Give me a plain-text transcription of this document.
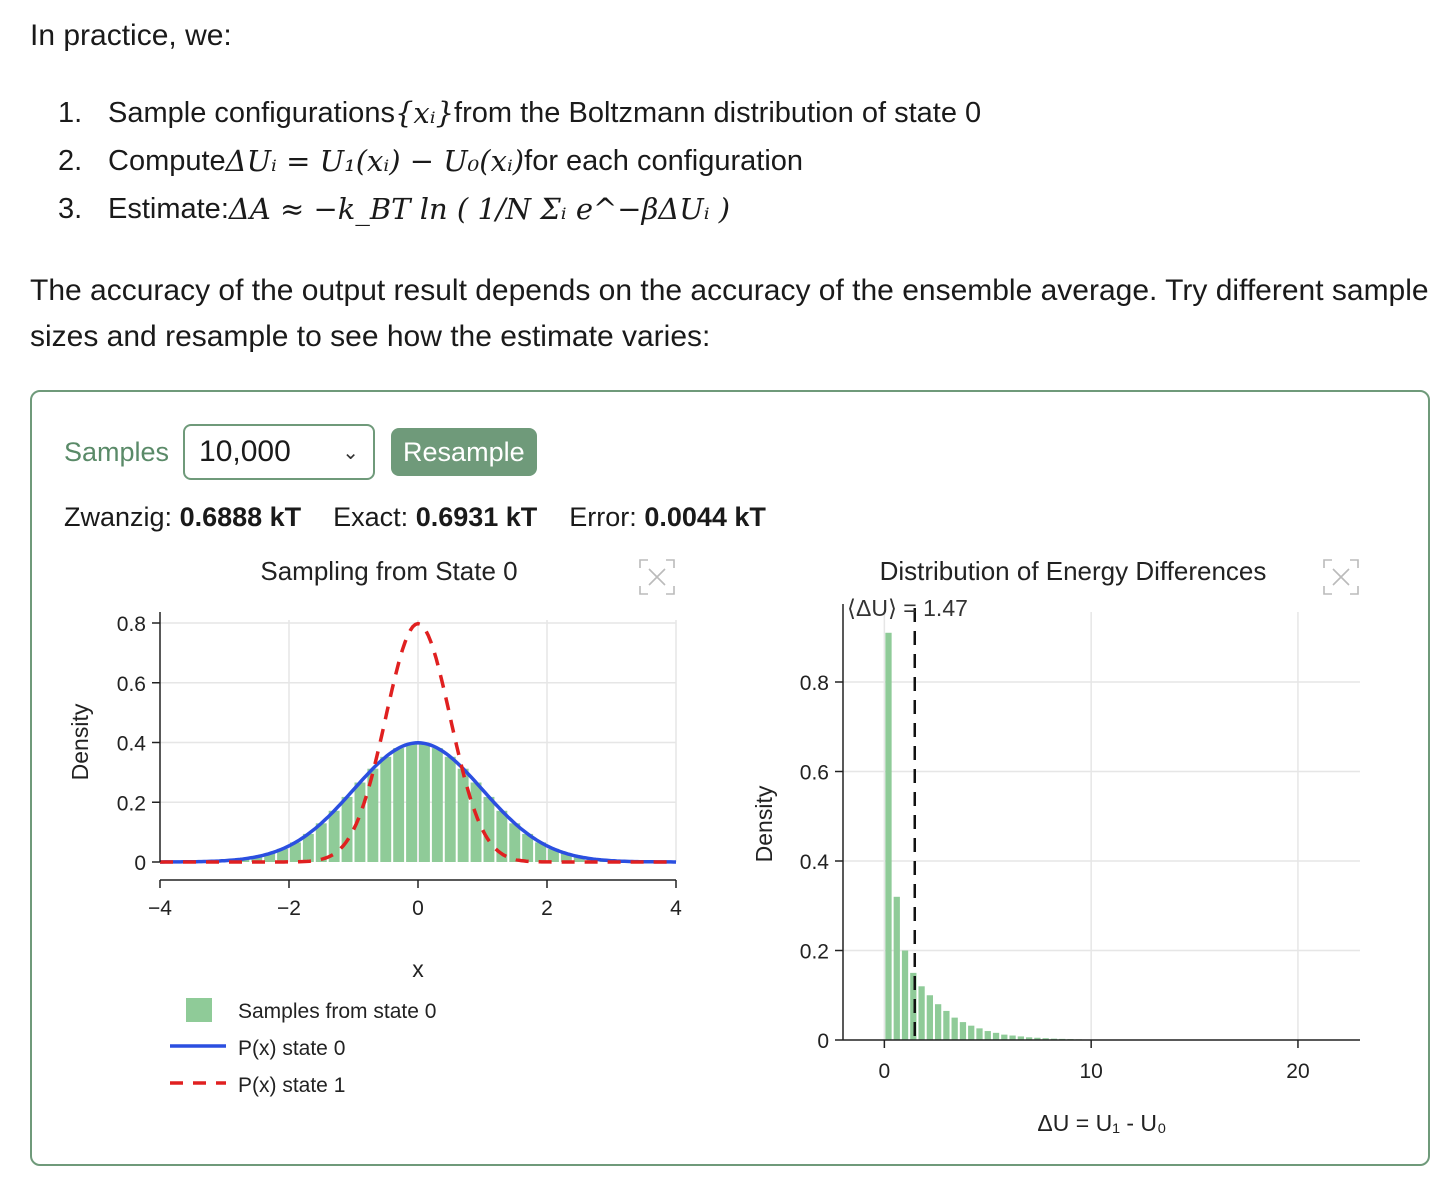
In practice, we:
1. Sample configurations {xᵢ} from the Boltzmann distribution of state 0
2. Compute ΔUᵢ = U₁(xᵢ) − U₀(xᵢ) for each configuration
3. Estimate: ΔA ≈ −k_BT ln ( 1/N Σᵢ e^−βΔUᵢ )
The accuracy of the output result depends on the accuracy of the ensemble average. Try different sample sizes and resample to see how the estimate varies:
Samples 10,000	⌄	Resample
Zwanzig: 0.6888 kT Exact: 0.6931 kT Error: 0.0044 kT
Sampling from State 0
0
0.2
0.4
0.6
0.8
−4	−2	0	2	4
x
Density
Samples from state 0
P(x) state 0
P(x) state 1
Distribution of Energy Differences
⟨ΔU⟩ = 1.47
0
0.2
0.4
0.6
0.8
0	10	20
ΔU = U₁ - U₀
Density
